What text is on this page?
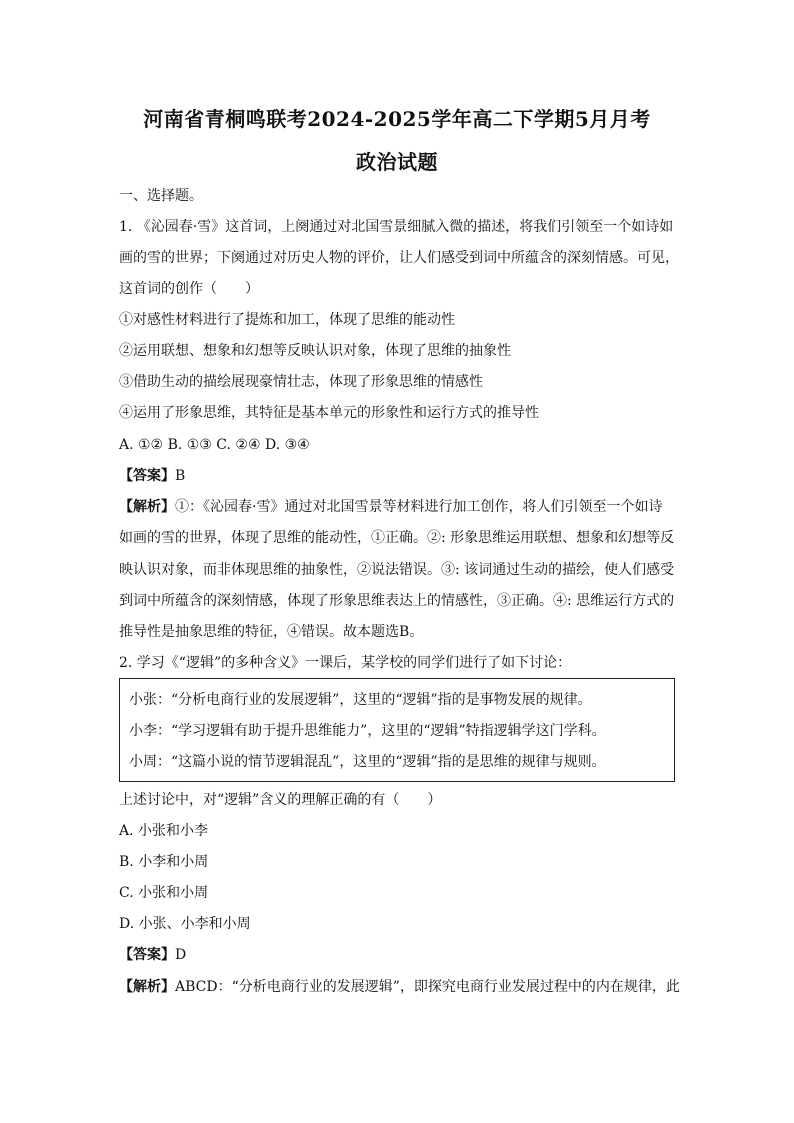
河南省青桐鸣联考2024-2025学年高二下学期5月月考
政治试题
一、选择题。
1. 《沁园春·雪》这首词，上阕通过对北国雪景细腻入微的描述，将我们引领至一个如诗如
画的雪的世界；下阕通过对历史人物的评价，让人们感受到词中所蕴含的深刻情感。可见，
这首词的创作（　　）
①对感性材料进行了提炼和加工，体现了思维的能动性
②运用联想、想象和幻想等反映认识对象，体现了思维的抽象性
③借助生动的描绘展现豪情壮志，体现了形象思维的情感性
④运用了形象思维，其特征是基本单元的形象性和运行方式的推导性
A. ①② B. ①③ C. ②④ D. ③④
【答案】B
【解析】①：《沁园春·雪》通过对北国雪景等材料进行加工创作，将人们引领至一个如诗
如画的雪的世界，体现了思维的能动性，①正确。②: 形象思维运用联想、想象和幻想等反
映认识对象，而非体现思维的抽象性，②说法错误。③: 该词通过生动的描绘，使人们感受
到词中所蕴含的深刻情感，体现了形象思维表达上的情感性，③正确。④: 思维运行方式的
推导性是抽象思维的特征，④错误。故本题选B。
2. 学习《“逻辑”的多种含义》一课后，某学校的同学们进行了如下讨论：
小张：“分析电商行业的发展逻辑”，这里的“逻辑”指的是事物发展的规律。
小李：“学习逻辑有助于提升思维能力”，这里的“逻辑”特指逻辑学这门学科。
小周：“这篇小说的情节逻辑混乱”，这里的“逻辑”指的是思维的规律与规则。
上述讨论中，对“逻辑”含义的理解正确的有（　　）
A. 小张和小李
B. 小李和小周
C. 小张和小周
D. 小张、小李和小周
【答案】D
【解析】ABCD：“分析电商行业的发展逻辑”，即探究电商行业发展过程中的内在规律，此
